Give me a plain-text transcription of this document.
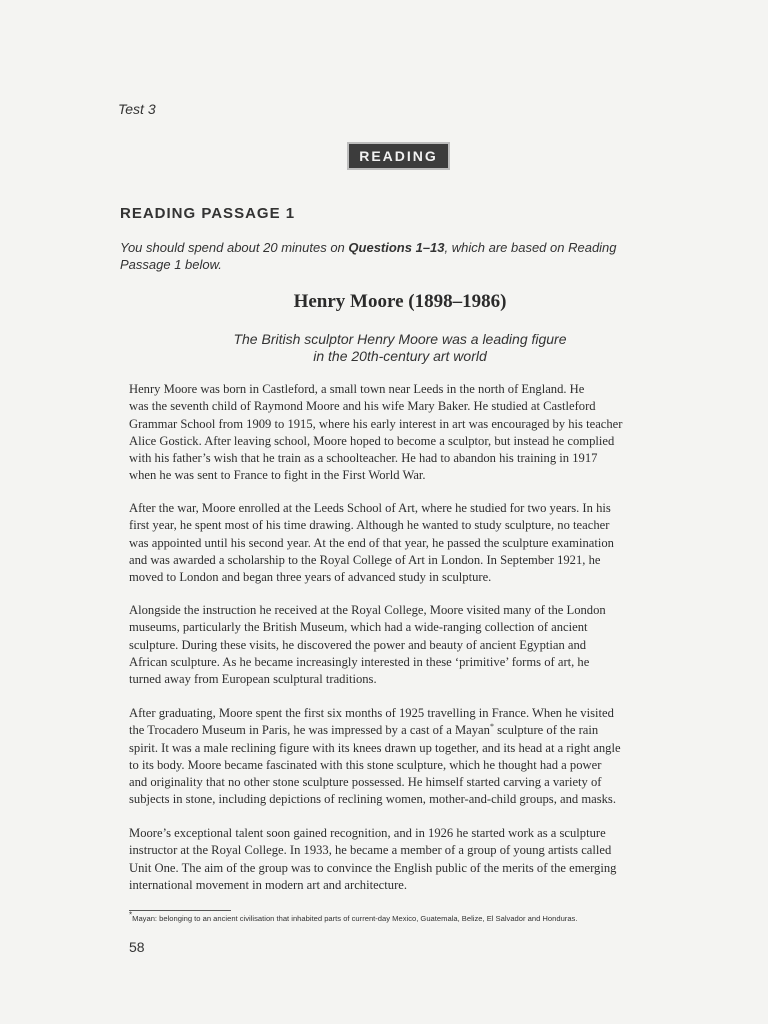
Test 3
READING
READING PASSAGE 1
You should spend about 20 minutes on Questions 1–13, which are based on Reading
Passage 1 below.
Henry Moore (1898–1986)
The British sculptor Henry Moore was a leading figure
in the 20th-century art world
Henry Moore was born in Castleford, a small town near Leeds in the north of England. He
was the seventh child of Raymond Moore and his wife Mary Baker. He studied at Castleford
Grammar School from 1909 to 1915, where his early interest in art was encouraged by his teacher
Alice Gostick. After leaving school, Moore hoped to become a sculptor, but instead he complied
with his father’s wish that he train as a schoolteacher. He had to abandon his training in 1917
when he was sent to France to fight in the First World War.
After the war, Moore enrolled at the Leeds School of Art, where he studied for two years. In his
first year, he spent most of his time drawing. Although he wanted to study sculpture, no teacher
was appointed until his second year. At the end of that year, he passed the sculpture examination
and was awarded a scholarship to the Royal College of Art in London. In September 1921, he
moved to London and began three years of advanced study in sculpture.
Alongside the instruction he received at the Royal College, Moore visited many of the London
museums, particularly the British Museum, which had a wide-ranging collection of ancient
sculpture. During these visits, he discovered the power and beauty of ancient Egyptian and
African sculpture. As he became increasingly interested in these ‘primitive’ forms of art, he
turned away from European sculptural traditions.
After graduating, Moore spent the first six months of 1925 travelling in France. When he visited
the Trocadero Museum in Paris, he was impressed by a cast of a Mayan* sculpture of the rain
spirit. It was a male reclining figure with its knees drawn up together, and its head at a right angle
to its body. Moore became fascinated with this stone sculpture, which he thought had a power
and originality that no other stone sculpture possessed. He himself started carving a variety of
subjects in stone, including depictions of reclining women, mother-and-child groups, and masks.
Moore’s exceptional talent soon gained recognition, and in 1926 he started work as a sculpture
instructor at the Royal College. In 1933, he became a member of a group of young artists called
Unit One. The aim of the group was to convince the English public of the merits of the emerging
international movement in modern art and architecture.
*Mayan: belonging to an ancient civilisation that inhabited parts of current-day Mexico, Guatemala, Belize, El Salvador and Honduras.
58
